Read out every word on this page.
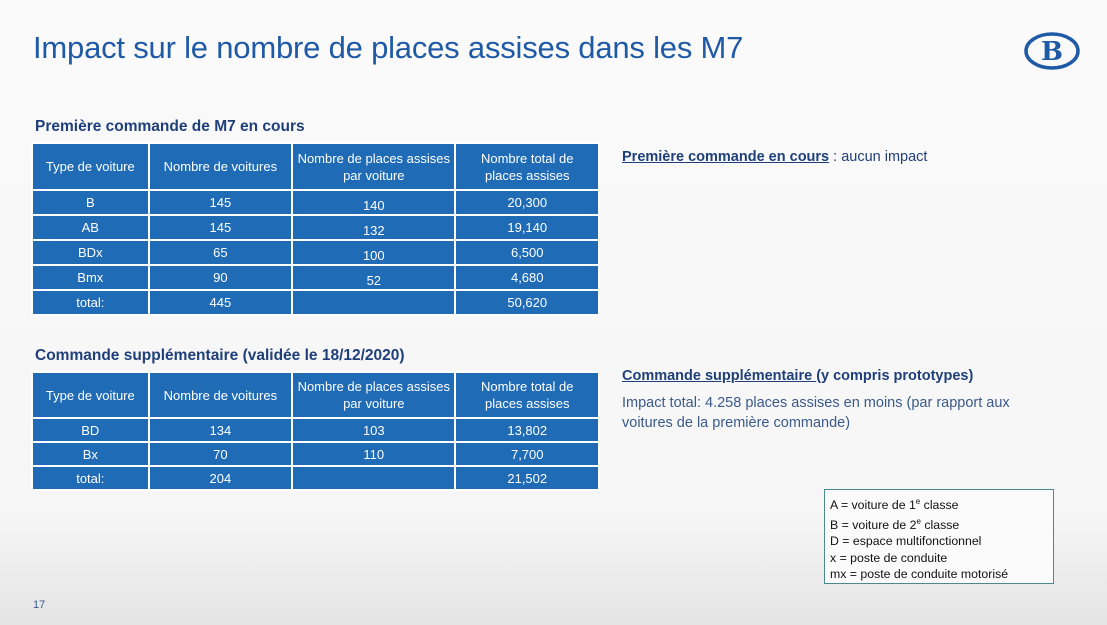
Impact sur le nombre de places assises dans les M7	B
Première commande de M7 en cours
Type de voiture	Nombre de voitures	Nombre de places assises par voiture	Nombre total de places assises
B	145	140	20,300
AB	145	132	19,140
BDx	65	100	6,500
Bmx	90	52	4,680
total:	445		50,620
Commande supplémentaire (validée le 18/12/2020)
Type de voiture	Nombre de voitures	Nombre de places assises par voiture	Nombre total de places assises
BD	134	103	13,802
Bx	70	110	7,700
total:	204		21,502
Première commande en cours : aucun impact
Commande supplémentaire (y compris prototypes)
Impact total: 4.258 places assises en moins (par rapport aux voitures de la première commande)
A = voiture de 1e classe
B = voiture de 2e classe
D = espace multifonctionnel
x = poste de conduite
mx = poste de conduite motorisé
17
